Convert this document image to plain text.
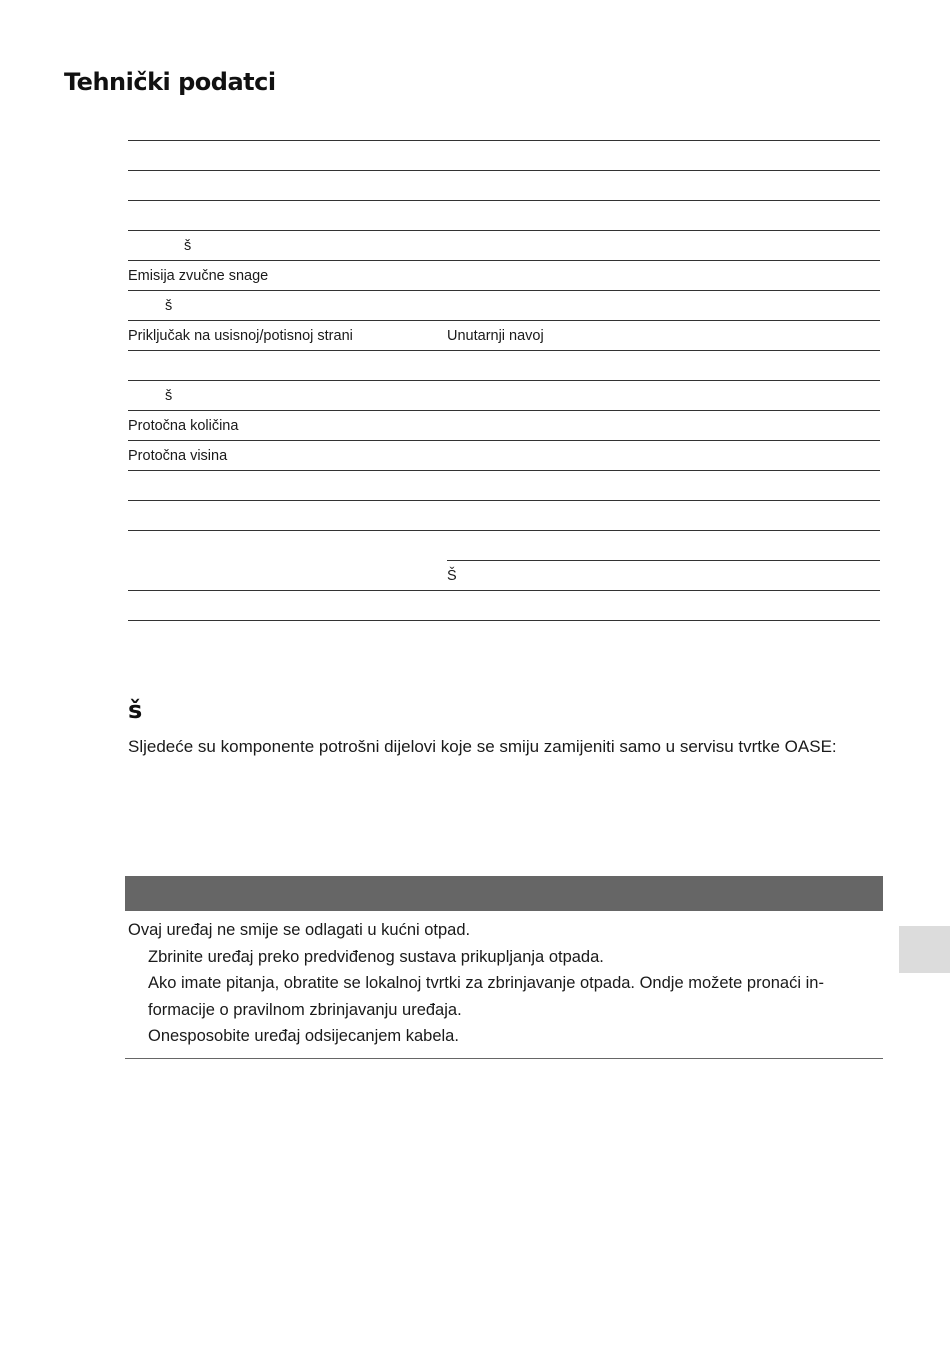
Tehnički podatci

š				
Emisija zvučne snage				
š				
Priključak na usisnoj/potisnoj strani	Unutarnji navoj			

š				
Protočna količina				
Protočna visina				

	Š			

š

Sljedeće su komponente potrošni dijelovi koje se smiju zamijeniti samo u servisu tvrtke OASE:

Ovaj uređaj ne smije se odlagati u kućni otpad.

Zbrinite uređaj preko predviđenog sustava prikupljanja otpada.

Ako imate pitanja, obratite se lokalnoj tvrtki za zbrinjavanje otpada. Ondje možete pronaći in-formacije o pravilnom zbrinjavanju uređaja.

Onesposobite uređaj odsijecanjem kabela.
